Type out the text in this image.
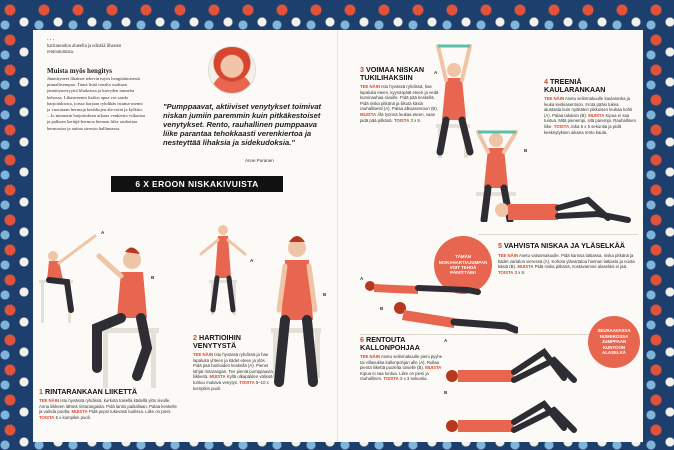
...
hartiaseudun alueella ja edistää lihasten rentoutumista.
Muista myös hengitys
Jännittyneet lihakset tekevät myös hengittämisestä pinnallisempaa. Tämä lisää omalta osaltaan jännittyneisyyttä lihaksissa ja kireyden tunnetta kehossa. Lihastreenin lisäksi apua voi saada harjoituksista, joissa harjaan ryhdikäs istuma-asento ja vuorataan hermoja keuhkojen ala-osiin ja kylkiin. – Jo minuutin harjoituksen aikana venkerito viikuttaa ja palkean kertäjä-hermoa hieman liike rauhottaa hermostoa ja auttaa stressin hallinnassa.
"Pumppaavat, aktiiviset venytykset toimivat niskan jumiin paremmin kuin pitkäkestoiset venytykset. Rento, rauhallinen pumppaava liike parantaa tehokkaasti verenkiertoa ja nesteyttää lihaksia ja sidekudoksia."
Anne Puranen
6 X EROON NISKAKIVUISTA
A
B
1 RINTARANKAAN LIIKETTÄ
TEE NÄIN Istu hyvässä ryhdissä, kurkota toisella kädellä ylös sivulle. Anna liikkeen lähteä rintarangasta. Pidä lantio paikallaan. Palaa keskelle ja vaihda puolta. MUISTA Pidä pepsi tukevasti tuolissa. Liike on pieni. TOISTA 5 x kumpikin puoli.
A
B
2 HARTIOIHIN VENYTYSTÄ
TEE NÄIN Istu hyvässä ryhdissä ja hae lapaluita yhteen ja kädet eteen ja ylös. Pidä pää hartioiden keskellä (A). Pienet lahjat rintarangan. Tee pieniä pumppaavia liikkeitä. MUISTA Kyllä olkapäiden välissä tuntuu mukava venytys. TOISTA 5–10 x kumpikin puoli.
3 VOIMAA NISKAN TUKILIHAKSIIN
TEE NÄIN Istu hyvässä ryhdissä, hae lapaluita eteen, kyynärpäät eteen ja vedä kuminauhaa sivuille. Pidä pää keskellä. Pidä niska pitkänä ja liikuta käsiä rauhallisesti (A). Palaa alkuasentoon (B). MUISTA Älä työnnä leukaa eteen, vaan pidä pää pitkänä. TOISTA 3 x 8.
A
B
4 TREENIÄ KAULARANKAAN
TEE NÄIN Asetu selinmakuulle kaularanka ja leuka keskiasentoon. Irrota pääsi tukea alustasta kuin nyökäten pikkuisen leukaa kohti (A). Palaa takaisin (B). MUISTA Kipua ei saa tuntua. Mitä pienempi, sitä parempi. Rauhallinen liike. TOISTA Joka 5 x 5 sekuntia ja pidä keskeytyksen aikana rento kaula.
TÄMÄN NISKAHARTIAJUMPAN VOIT TEHDÄ PÄIVITTÄIN!
5 VAHVISTA NISKAA JA YLÄSELKÄÄ
TEE NÄIN Asetu vatsamakuulle. Pidä kanssa lattiassa, niska pitkänä ja kädet vartalon vieressä (A). Kohota ylävartaloa hieman lattiasta ja nosta käsiä (B). MUISTA Pidä niska pitkänä, nostavamme alaseläsi ei jää. TOISTA 3 x 8.
A
B
6 RENTOUTA KALLONPOHJAA
TEE NÄIN Asetu selinmakuulle pieni pyyhe tai villasukka kallonpohjan alle (A). Rullaa pientä liikettä puolelta toiselle (B). MUISTA Kipua ei saa tuntua. Liike on pieni ja rauhallinen. TOISTA 3 x 3 sekuntia.
A
B
SEURAAVASSA NUMEROSSA JUMPPAAN KUNTOON ALASELKÄ
